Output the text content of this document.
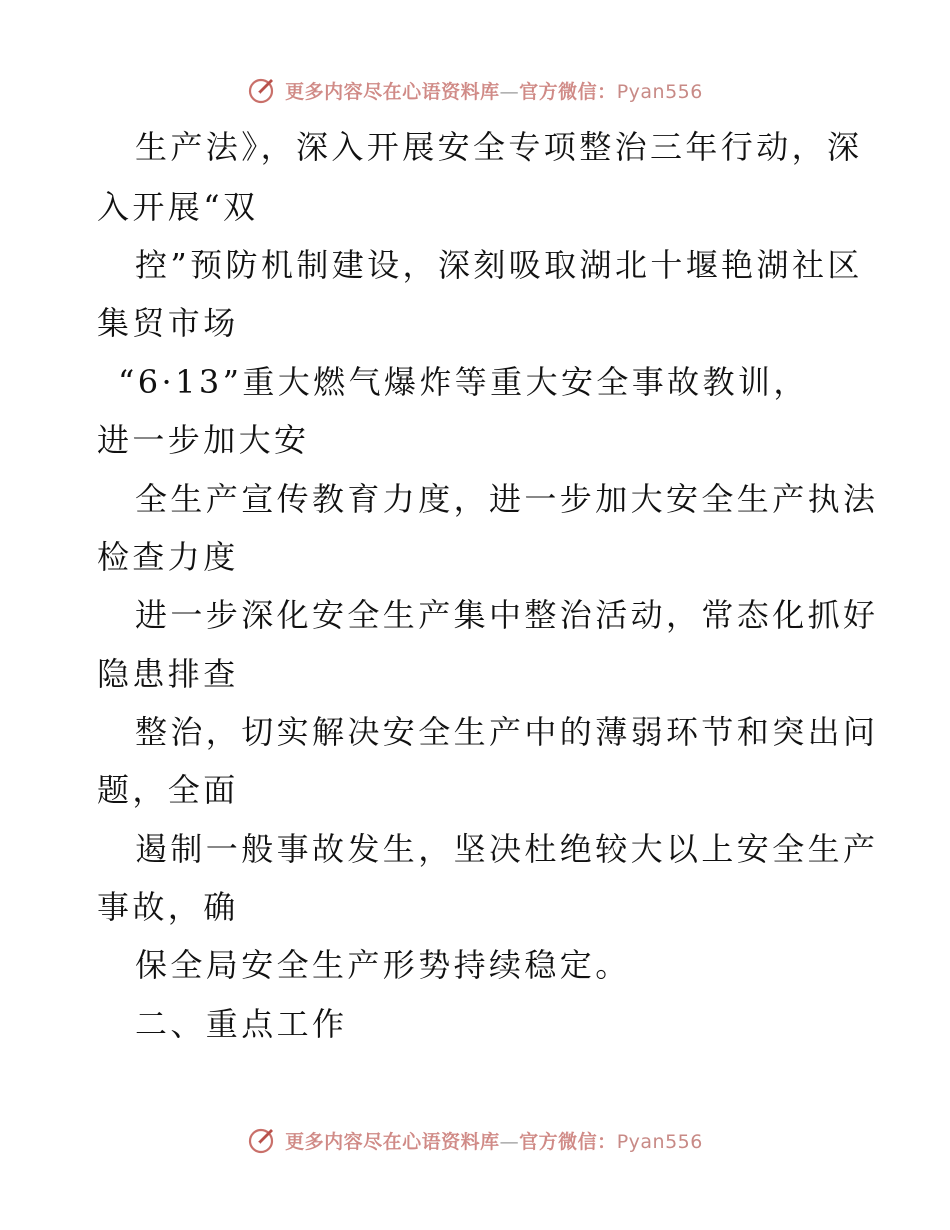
更多内容尽在心语资料库—官方微信：Pyan556
生产法》，深入开展安全专项整治三年行动，深
入开展“双
控”预防机制建设，深刻吸取湖北十堰艳湖社区
集贸市场
“6·13”重大燃气爆炸等重大安全事故教训，
进一步加大安
全生产宣传教育力度，进一步加大安全生产执法
检查力度
进一步深化安全生产集中整治活动，常态化抓好
隐患排查
整治，切实解决安全生产中的薄弱环节和突出问
题，全面
遏制一般事故发生，坚决杜绝较大以上安全生产
事故，确
保全局安全生产形势持续稳定。
二、重点工作
更多内容尽在心语资料库—官方微信：Pyan556
